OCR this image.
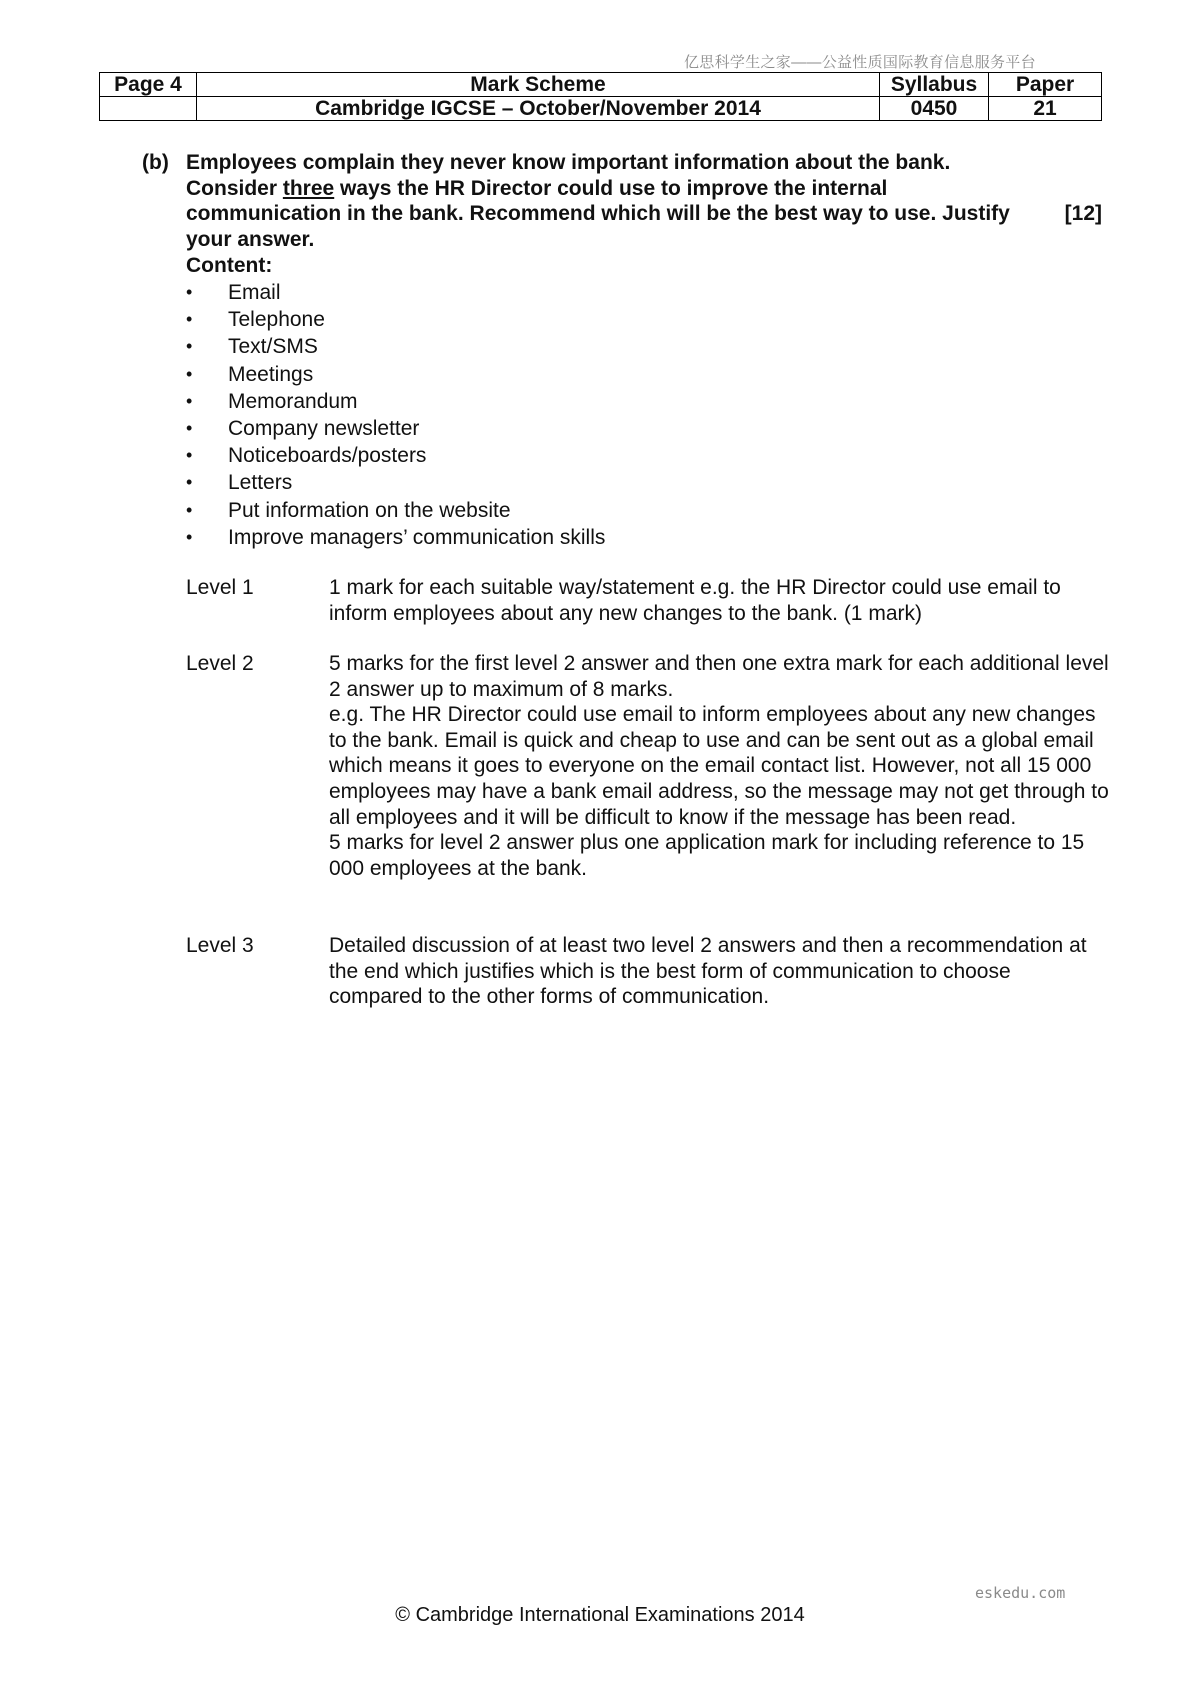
亿思科学生之家——公益性质国际教育信息服务平台
Page 4	Mark Scheme	Syllabus	Paper
	Cambridge IGCSE – October/November 2014	0450	21
(b) Employees complain they never know important information about the bank. Consider three ways the HR Director could use to improve the internal communication in the bank. Recommend which will be the best way to use. Justify your answer.
[12]
Content:
• Email
• Telephone
• Text/SMS
• Meetings
• Memorandum
• Company newsletter
• Noticeboards/posters
• Letters
• Put information on the website
• Improve managers’ communication skills
Level 1	1 mark for each suitable way/statement e.g. the HR Director could use email to inform employees about any new changes to the bank. (1 mark)

Level 2	5 marks for the first level 2 answer and then one extra mark for each additional level 2 answer up to maximum of 8 marks.

e.g. The HR Director could use email to inform employees about any new changes to the bank. Email is quick and cheap to use and can be sent out as a global email which means it goes to everyone on the email contact list. However, not all 15 000 employees may have a bank email address, so the message may not get through to all employees and it will be difficult to know if the message has been read.

5 marks for level 2 answer plus one application mark for including reference to 15 000 employees at the bank.

Level 3	Detailed discussion of at least two level 2 answers and then a recommendation at the end which justifies which is the best form of communication to choose compared to the other forms of communication.

eskedu.com
© Cambridge International Examinations 2014
